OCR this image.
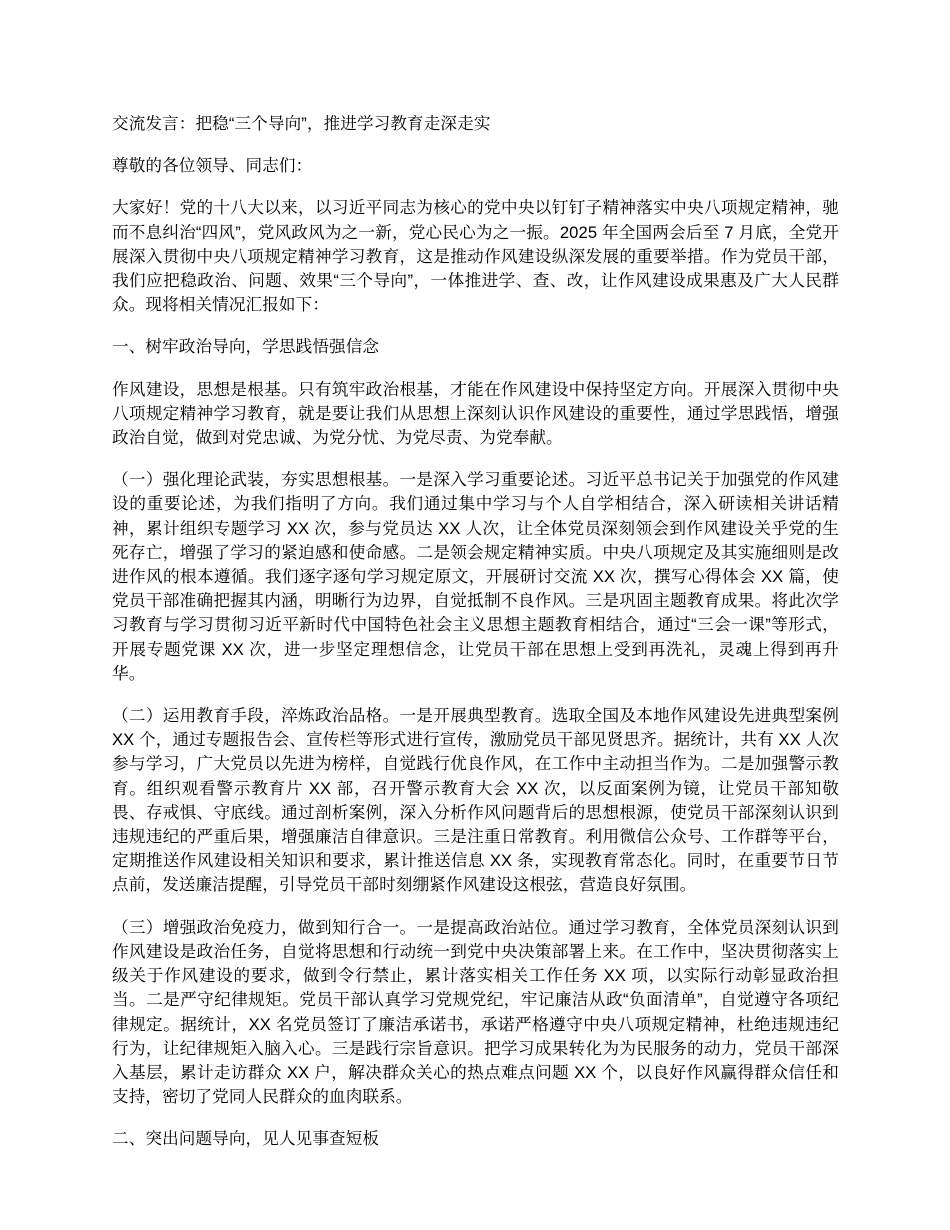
交流发言：把稳“三个导向”，推进学习教育走深走实

尊敬的各位领导、同志们：

大家好！党的十八大以来，以习近平同志为核心的党中央以钉钉子精神落实中央八项规定精神，驰而不息纠治“四风”，党风政风为之一新，党心民心为之一振。2025 年全国两会后至 7 月底，全党开展深入贯彻中央八项规定精神学习教育，这是推动作风建设纵深发展的重要举措。作为党员干部，我们应把稳政治、问题、效果“三个导向”，一体推进学、查、改，让作风建设成果惠及广大人民群众。现将相关情况汇报如下：

一、树牢政治导向，学思践悟强信念

作风建设，思想是根基。只有筑牢政治根基，才能在作风建设中保持坚定方向。开展深入贯彻中央八项规定精神学习教育，就是要让我们从思想上深刻认识作风建设的重要性，通过学思践悟，增强政治自觉，做到对党忠诚、为党分忧、为党尽责、为党奉献。

（一）强化理论武装，夯实思想根基。一是深入学习重要论述。习近平总书记关于加强党的作风建设的重要论述，为我们指明了方向。我们通过集中学习与个人自学相结合，深入研读相关讲话精神，累计组织专题学习 XX 次，参与党员达 XX 人次，让全体党员深刻领会到作风建设关乎党的生死存亡，增强了学习的紧迫感和使命感。二是领会规定精神实质。中央八项规定及其实施细则是改进作风的根本遵循。我们逐字逐句学习规定原文，开展研讨交流 XX 次，撰写心得体会 XX 篇，使党员干部准确把握其内涵，明晰行为边界，自觉抵制不良作风。三是巩固主题教育成果。将此次学习教育与学习贯彻习近平新时代中国特色社会主义思想主题教育相结合，通过“三会一课”等形式，开展专题党课 XX 次，进一步坚定理想信念，让党员干部在思想上受到再洗礼，灵魂上得到再升华。

（二）运用教育手段，淬炼政治品格。一是开展典型教育。选取全国及本地作风建设先进典型案例 XX 个，通过专题报告会、宣传栏等形式进行宣传，激励党员干部见贤思齐。据统计，共有 XX 人次参与学习，广大党员以先进为榜样，自觉践行优良作风，在工作中主动担当作为。二是加强警示教育。组织观看警示教育片 XX 部，召开警示教育大会 XX 次，以反面案例为镜，让党员干部知敬畏、存戒惧、守底线。通过剖析案例，深入分析作风问题背后的思想根源，使党员干部深刻认识到违规违纪的严重后果，增强廉洁自律意识。三是注重日常教育。利用微信公众号、工作群等平台，定期推送作风建设相关知识和要求，累计推送信息 XX 条，实现教育常态化。同时，在重要节日节点前，发送廉洁提醒，引导党员干部时刻绷紧作风建设这根弦，营造良好氛围。

（三）增强政治免疫力，做到知行合一。一是提高政治站位。通过学习教育，全体党员深刻认识到作风建设是政治任务，自觉将思想和行动统一到党中央决策部署上来。在工作中，坚决贯彻落实上级关于作风建设的要求，做到令行禁止，累计落实相关工作任务 XX 项，以实际行动彰显政治担当。二是严守纪律规矩。党员干部认真学习党规党纪，牢记廉洁从政“负面清单”，自觉遵守各项纪律规定。据统计，XX 名党员签订了廉洁承诺书，承诺严格遵守中央八项规定精神，杜绝违规违纪行为，让纪律规矩入脑入心。三是践行宗旨意识。把学习成果转化为为民服务的动力，党员干部深入基层，累计走访群众 XX 户，解决群众关心的热点难点问题 XX 个，以良好作风赢得群众信任和支持，密切了党同人民群众的血肉联系。

二、突出问题导向，见人见事查短板
